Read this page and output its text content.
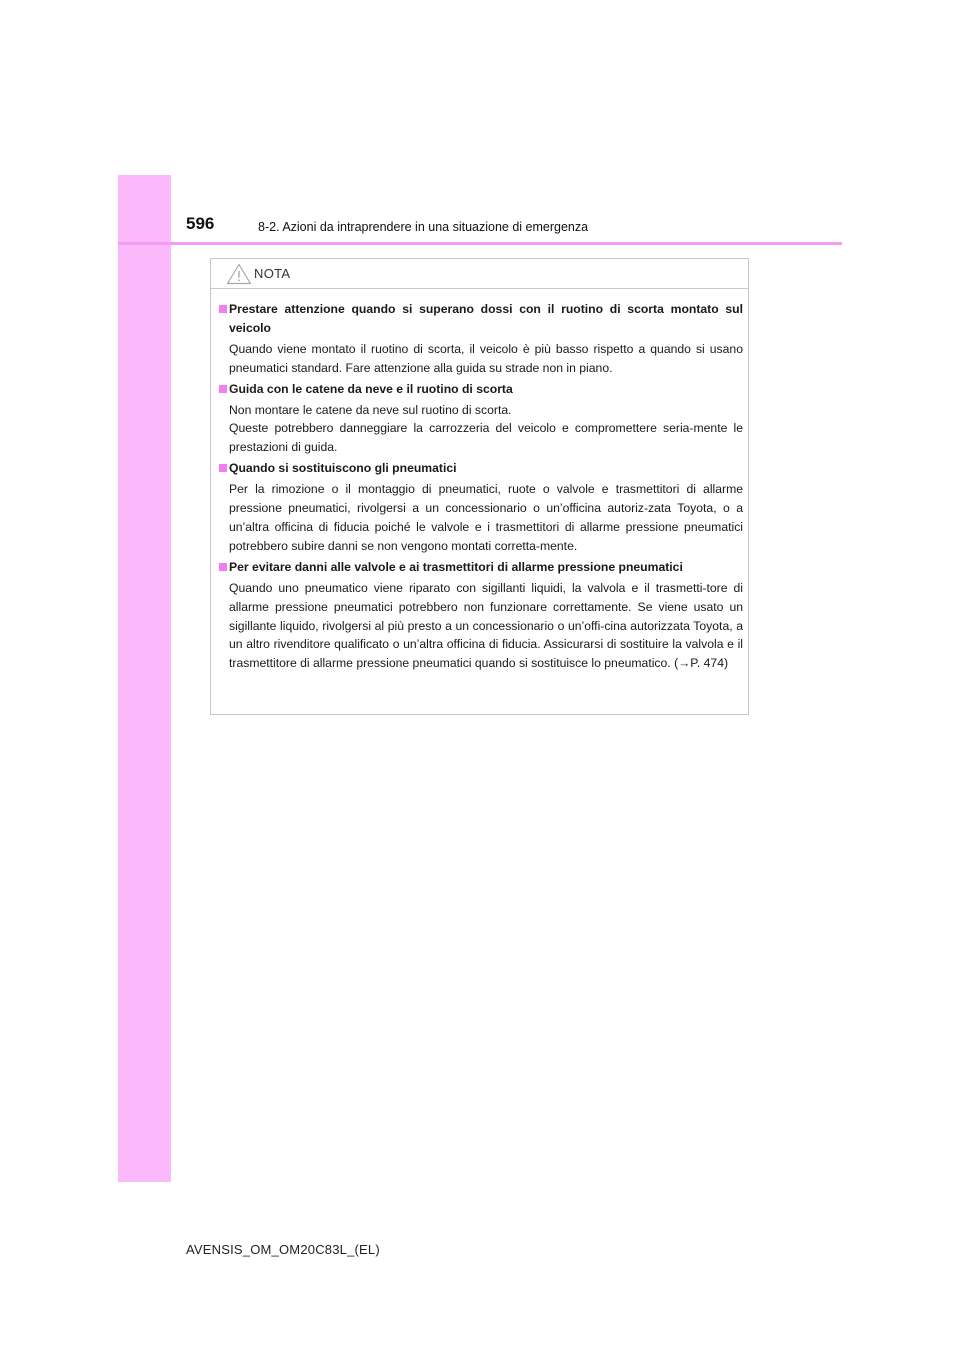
596	8-2. Azioni da intraprendere in una situazione di emergenza
NOTA
Prestare attenzione quando si superano dossi con il ruotino di scorta montato sul veicolo

Quando viene montato il ruotino di scorta, il veicolo è più basso rispetto a quando si usano pneumatici standard. Fare attenzione alla guida su strade non in piano.

Guida con le catene da neve e il ruotino di scorta

Non montare le catene da neve sul ruotino di scorta.

Queste potrebbero danneggiare la carrozzeria del veicolo e compromettere seria-mente le prestazioni di guida.

Quando si sostituiscono gli pneumatici

Per la rimozione o il montaggio di pneumatici, ruote o valvole e trasmettitori di allarme pressione pneumatici, rivolgersi a un concessionario o un’officina autoriz-zata Toyota, o a un’altra officina di fiducia poiché le valvole e i trasmettitori di allarme pressione pneumatici potrebbero subire danni se non vengono montati corretta-mente.

Per evitare danni alle valvole e ai trasmettitori di allarme pressione pneumatici

Quando uno pneumatico viene riparato con sigillanti liquidi, la valvola e il trasmetti-tore di allarme pressione pneumatici potrebbero non funzionare correttamente. Se viene usato un sigillante liquido, rivolgersi al più presto a un concessionario o un’offi-cina autorizzata Toyota, a un altro rivenditore qualificato o un’altra officina di fiducia. Assicurarsi di sostituire la valvola e il trasmettitore di allarme pressione pneumatici quando si sostituisce lo pneumatico. (→P. 474)

AVENSIS_OM_OM20C83L_(EL)
